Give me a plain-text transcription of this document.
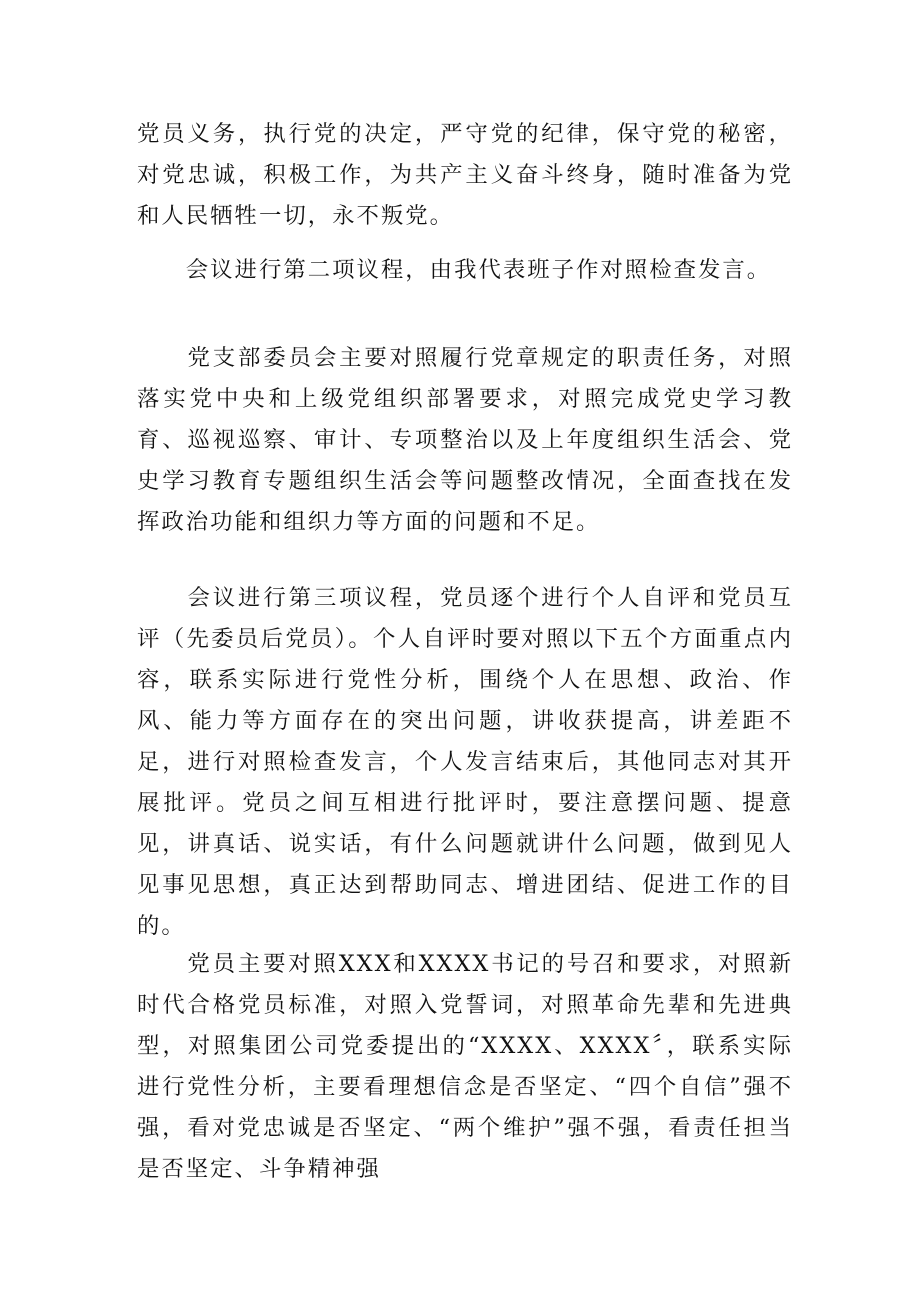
党员义务，执行党的决定，严守党的纪律，保守党的秘密，对党忠诚，积极工作，为共产主义奋斗终身，随时准备为党和人民牺牲一切，永不叛党。

　　会议进行第二项议程，由我代表班子作对照检查发言。

　　党支部委员会主要对照履行党章规定的职责任务，对照落实党中央和上级党组织部署要求，对照完成党史学习教育、巡视巡察、审计、专项整治以及上年度组织生活会、党史学习教育专题组织生活会等问题整改情况，全面查找在发挥政治功能和组织力等方面的问题和不足。

　　会议进行第三项议程，党员逐个进行个人自评和党员互评（先委员后党员）。个人自评时要对照以下五个方面重点内容，联系实际进行党性分析，围绕个人在思想、政治、作风、能力等方面存在的突出问题，讲收获提高，讲差距不足，进行对照检查发言，个人发言结束后，其他同志对其开展批评。党员之间互相进行批评时，要注意摆问题、提意见，讲真话、说实话，有什么问题就讲什么问题，做到见人见事见思想，真正达到帮助同志、增进团结、促进工作的目的。

　　党员主要对照XXX和XXXX书记的号召和要求，对照新时代合格党员标准，对照入党誓词，对照革命先辈和先进典型，对照集团公司党委提出的“XXXX、XXXX〞，联系实际进行党性分析，主要看理想信念是否坚定、“四个自信”强不强，看对党忠诚是否坚定、“两个维护”强不强，看责任担当是否坚定、斗争精神强
